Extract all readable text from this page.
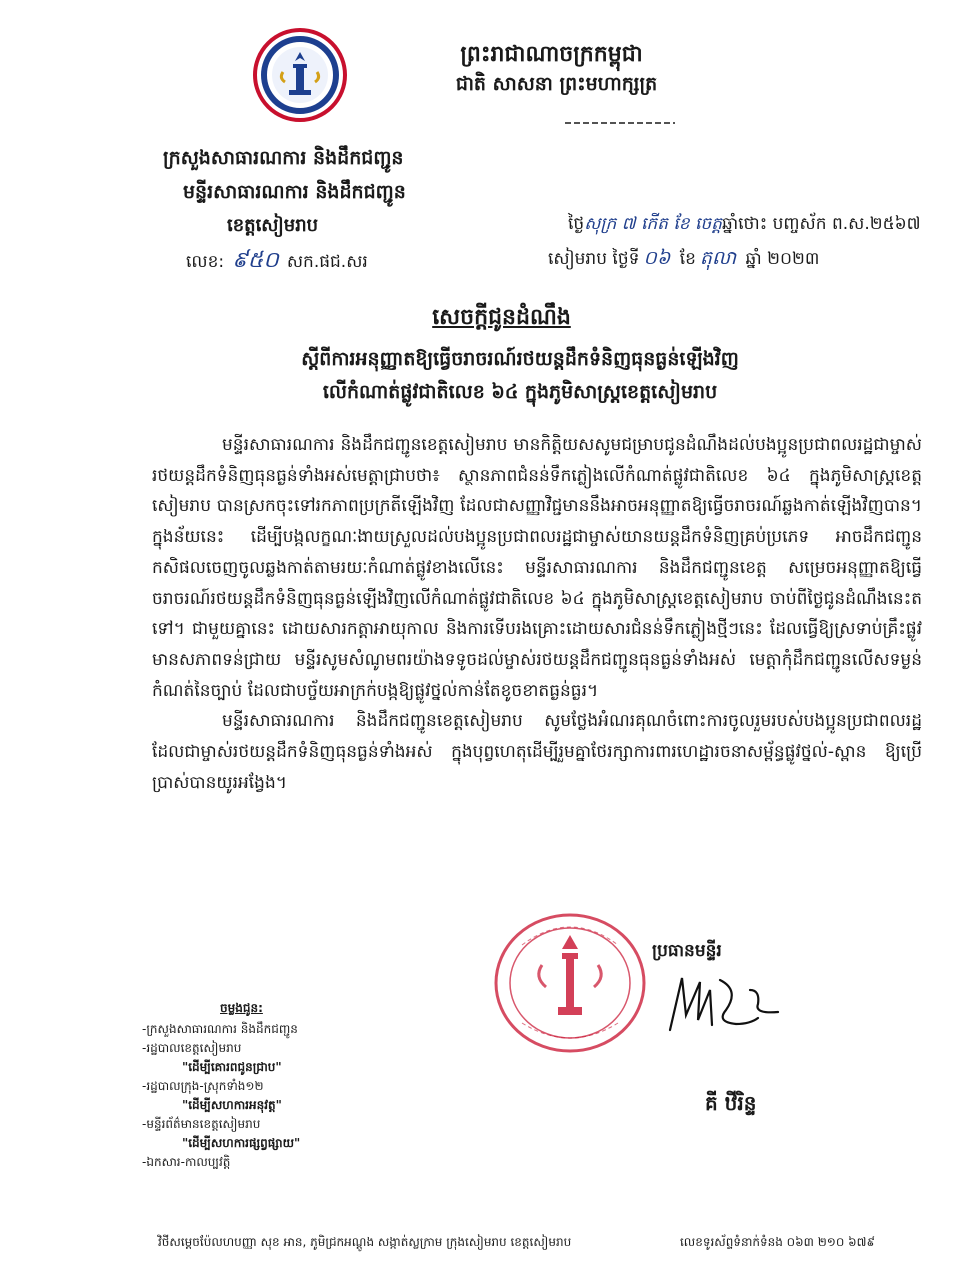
ព្រះរាជាណាចក្រកម្ពុជា
ជាតិ សាសនា ព្រះមហាក្សត្រ
ក្រសួងសាធារណការ និងដឹកជញ្ជូន
មន្ទីរសាធារណការ និងដឹកជញ្ជូន
ខេត្តសៀមរាប	ថ្ងៃសុក្រ ៧ កើត ខែ ចេត្តឆ្នាំថោះ បញ្ចស័ក ព.ស.២៥៦៧
លេខ: ៩៥០ សក.ផជ.សរ	សៀមរាប ថ្ងៃទី ០៦ ខែ តុលា ឆ្នាំ ២០២៣
សេចក្តីជូនដំណឹង
ស្តីពីការអនុញ្ញាតឱ្យធ្វើចរាចរណ៍រថយន្តដឹកទំនិញធុនធ្ងន់ឡើងវិញ
លើកំណាត់ផ្លូវជាតិលេខ ៦៤ ក្នុងភូមិសាស្ត្រខេត្តសៀមរាប

មន្ទីរសាធារណការ និងដឹកជញ្ជូនខេត្តសៀមរាប មានកិត្តិយសសូមជម្រាបជូនដំណឹងដល់បងប្អូនប្រជាពលរដ្ឋជាម្ចាស់រថយន្តដឹកទំនិញធុនធ្ងន់ទាំងអស់មេត្តាជ្រាបថា៖ ស្ថានភាពជំនន់ទឹកភ្លៀងលើកំណាត់ផ្លូវជាតិលេខ ៦៤ ក្នុងភូមិសាស្ត្រខេត្តសៀមរាប បានស្រកចុះទៅរកភាពប្រក្រតីឡើងវិញ ដែលជាសញ្ញាវិជ្ជមាននឹងអាចអនុញ្ញាតឱ្យធ្វើចរាចរណ៍ឆ្លងកាត់ឡើងវិញបាន។ ក្នុងន័យនេះ ដើម្បីបង្កលក្ខណៈងាយស្រួលដល់បងប្អូនប្រជាពលរដ្ឋជាម្ចាស់យានយន្តដឹកទំនិញគ្រប់ប្រភេទ អាចដឹកជញ្ជូនកសិផលចេញចូលឆ្លងកាត់តាមរយៈកំណាត់ផ្លូវខាងលើនេះ មន្ទីរសាធារណការ និងដឹកជញ្ជូនខេត្ត សម្រេចអនុញ្ញាតឱ្យធ្វើចរាចរណ៍រថយន្តដឹកទំនិញធុនធ្ងន់ឡើងវិញលើកំណាត់ផ្លូវជាតិលេខ ៦៤ ក្នុងភូមិសាស្ត្រខេត្តសៀមរាប ចាប់ពីថ្ងៃជូនដំណឹងនេះតទៅ។ ជាមួយគ្នានេះ ដោយសារកត្តាអាយុកាល និងការទើបរងគ្រោះដោយសារជំនន់ទឹកភ្លៀងថ្មីៗនេះ ដែលធ្វើឱ្យស្រទាប់គ្រឹះផ្លូវមានសភាពទន់ជ្រាយ មន្ទីរសូមសំណូមពរយ៉ាងទទូចដល់ម្ចាស់រថយន្តដឹកជញ្ជូនធុនធ្ងន់ទាំងអស់ មេត្តាកុំដឹកជញ្ជូនលើសទម្ងន់កំណត់នៃច្បាប់ ដែលជាបច្ច័យអាក្រក់បង្កឱ្យផ្លូវថ្នល់កាន់តែខូចខាតធ្ងន់ធ្ងរ។

មន្ទីរសាធារណការ និងដឹកជញ្ជូនខេត្តសៀមរាប សូមថ្លែងអំណរគុណចំពោះការចូលរួមរបស់បងប្អូនប្រជាពលរដ្ឋ ដែលជាម្ចាស់រថយន្តដឹកទំនិញធុនធ្ងន់ទាំងអស់ ក្នុងបុព្វហេតុដើម្បីរួមគ្នាថែរក្សាការពារហេដ្ឋារចនាសម្ព័ន្ធផ្លូវថ្នល់-ស្ពាន ឱ្យប្រើប្រាស់បានយូរអង្វែង។

ប្រធានមន្ទីរ
គី ឋីរិន្ទ
ចម្លងជូន:
-ក្រសួងសាធារណការ និងដឹកជញ្ជូន
-រដ្ឋបាលខេត្តសៀមរាប
"ដើម្បីគោរពជូនជ្រាប"
-រដ្ឋបាលក្រុង-ស្រុកទាំង១២
"ដើម្បីសហការអនុវត្ត"
-មន្ទីរព័ត៌មានខេត្តសៀមរាប
"ដើម្បីសហការផ្សព្វផ្សាយ"
-ឯកសារ-កាលប្បវត្តិ
វិថីសម្តេចប៉ែលហបញ្ញា សុខ អាន, ភូមិជ្រកអណ្ដូង សង្កាត់ស្លក្រាម ក្រុងសៀមរាប ខេត្តសៀមរាប	លេខទូរស័ព្ទទំនាក់ទំនង ០៦៣ ២១០ ៦៧៩
